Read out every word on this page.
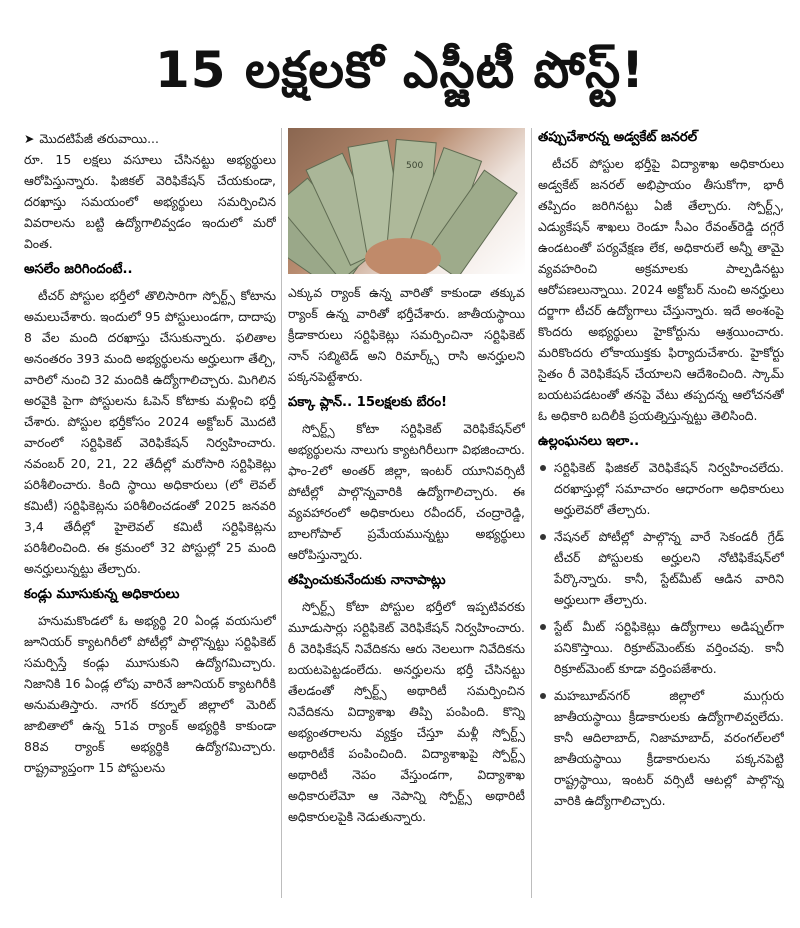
15 లక్షలకో ఎస్జీటీ పోస్ట్!

➤ మొదటిపేజీ తరువాయి...

రూ. 15 లక్షలు వసూలు చేసినట్టు అభ్యర్థులు ఆరోపిస్తున్నారు. ఫిజికల్ వెరిఫికేషన్ చేయకుండా, దరఖాస్తు సమయంలో అభ్యర్థులు సమర్పించిన వివరాలను బట్టి ఉద్యోగాలివ్వడం ఇందులో మరో వింత.

అసలేం జరిగిందంటే..

టీచర్ పోస్టుల భర్తీలో తొలిసారిగా స్పోర్ట్స్ కోటాను అమలుచేశారు. ఇందులో 95 పోస్టులుండగా, దాదాపు 8 వేల మంది దరఖాస్తు చేసుకున్నారు. ఫలితాల అనంతరం 393 మంది అభ్యర్థులను అర్హులుగా తేల్చి, వారిలో నుంచి 32 మందికి ఉద్యోగాలిచ్చారు. మిగిలిన అరవైకి పైగా పోస్టులను ఓపెన్ కోటాకు మళ్లించి భర్తీ చేశారు. పోస్టుల భర్తీకోసం 2024 అక్టోబర్ మొదటి వారంలో సర్టిఫికెట్ వెరిఫికేషన్ నిర్వహించారు. నవంబర్ 20, 21, 22 తేదీల్లో మరోసారి సర్టిఫికెట్లు పరిశీలించారు. కింది స్థాయి అధికారులు (లో లెవల్ కమిటీ) సర్టిఫికెట్లను పరిశీలించడంతో 2025 జనవరి 3,4 తేదీల్లో హైలెవల్ కమిటీ సర్టిఫికెట్లను పరిశీలించింది. ఈ క్రమంలో 32 పోస్టుల్లో 25 మంది అనర్హులున్నట్టు తేల్చారు.

కండ్లు మూసుకున్న అధికారులు

హనుమకొండలో ఓ అభ్యర్థి 20 ఏండ్ల వయసులో జూనియర్ క్యాటగిరీలో పోటీల్లో పాల్గొన్నట్టు సర్టిఫికెట్ సమర్పిస్తే కండ్లు మూసుకుని ఉద్యోగమిచ్చారు. నిజానికి 16 ఏండ్ల లోపు వారినే జూనియర్ క్యాటగిరీకి అనుమతిస్తారు. నాగర్ కర్నూల్ జిల్లాలో మెరిట్ జాబితాలో ఉన్న 51వ ర్యాంక్ అభ్యర్థికి కాకుండా 88వ ర్యాంక్ అభ్యర్థికి ఉద్యోగమిచ్చారు. రాష్ట్రవ్యాప్తంగా 15 పోస్టులను

500

ఎక్కువ ర్యాంక్ ఉన్న వారితో కాకుండా తక్కువ ర్యాంక్ ఉన్న వారితో భర్తీచేశారు. జాతీయస్థాయి క్రీడాకారులు సర్టిఫికెట్లు సమర్పించినా సర్టిఫికెట్ నాన్ సబ్మిటెడ్ అని రిమార్క్స్ రాసి అనర్హులని పక్కనపెట్టేశారు.

పక్కా ప్లాన్.. 15లక్షలకు బేరం!

స్పోర్ట్స్ కోటా సర్టిఫికెట్ వెరిఫికేషన్‌లో అభ్యర్థులను నాలుగు క్యాటగిరీలుగా విభజించారు. ఫాం-2లో అంతర్ జిల్లా, ఇంటర్ యూనివర్సిటీ పోటీల్లో పాల్గొన్నవారికి ఉద్యోగాలిచ్చారు. ఈ వ్యవహారంలో అధికారులు రవీందర్, చంద్రారెడ్డి, బాలగోపాల్ ప్రమేయమున్నట్టు అభ్యర్థులు ఆరోపిస్తున్నారు.

తప్పించుకునేందుకు నానాపాట్లు

స్పోర్ట్స్ కోటా పోస్టుల భర్తీలో ఇప్పటివరకు మూడుసార్లు సర్టిఫికెట్ వెరిఫికేషన్ నిర్వహించారు. రీ వెరిఫికేషన్ నివేదికను ఆరు నెలలుగా నివేదికను బయటపెట్టడంలేదు. అనర్హులను భర్తీ చేసినట్టు తేలడంతో స్పోర్ట్స్ అథారిటీ సమర్పించిన నివేదికను విద్యాశాఖ తిప్పి పంపింది. కొన్ని అభ్యంతరాలను వ్యక్తం చేస్తూ మళ్లీ స్పోర్ట్స్ అథారిటీకే పంపించింది. విద్యాశాఖపై స్పోర్ట్స్ అథారిటీ నెపం వేస్తుండగా, విద్యాశాఖ అధికారులేమో ఆ నెపాన్ని స్పోర్ట్స్ అథారిటీ అధికారులపైకి నెడుతున్నారు.

తప్పుచేశారన్న అడ్వకేట్ జనరల్

టీచర్ పోస్టుల భర్తీపై విద్యాశాఖ అధికారులు అడ్వకేట్ జనరల్ అభిప్రాయం తీసుకోగా, భారీ తప్పిదం జరిగినట్టు ఏజీ తేల్చారు. స్పోర్ట్స్, ఎడ్యుకేషన్ శాఖలు రెండూ సీఎం రేవంత్‌రెడ్డి దగ్గరే ఉండటంతో పర్యవేక్షణ లేక, అధికారులే అన్నీ తామై వ్యవహరించి అక్రమాలకు పాల్పడినట్టు ఆరోపణలున్నాయి. 2024 అక్టోబర్ నుంచి అనర్హులు దర్జాగా టీచర్ ఉద్యోగాలు చేస్తున్నారు. ఇదే అంశంపై కొందరు అభ్యర్థులు హైకోర్టును ఆశ్రయించారు. మరికొందరు లోకాయుక్తకు ఫిర్యాదుచేశారు. హైకోర్టు సైతం రీ వెరిఫికేషన్ చేయాలని ఆదేశించింది. స్కామ్ బయటపడటంతో తనపై వేటు తప్పదన్న ఆలోచనతో ఓ అధికారి బదిలీకి ప్రయత్నిస్తున్నట్టు తెలిసింది.

ఉల్లంఘనలు ఇలా..
సర్టిఫికెట్ ఫిజికల్ వెరిఫికేషన్ నిర్వహించలేదు. దరఖాస్తుల్లో సమాచారం ఆధారంగా అధికారులు అర్హులెవరో తేల్చారు.
నేషనల్ పోటీల్లో పాల్గొన్న వారే సెకండరీ గ్రేడ్ టీచర్ పోస్టులకు అర్హులని నోటిఫికేషన్‌లో పేర్కొన్నారు. కానీ, స్టేట్‌మీట్ ఆడిన వారిని అర్హులుగా తేల్చారు.
స్టేట్ మీట్ సర్టిఫికెట్లు ఉద్యోగాలు అడిష్నల్‌గా పనికొస్తాయి. రిక్రూట్‌మెంట్‌కు వర్తించవు. కానీ రిక్రూట్‌మెంట్ కూడా వర్తింపజేశారు.
మహబూబ్‌నగర్ జిల్లాలో ముగ్గురు జాతీయస్థాయి క్రీడాకారులకు ఉద్యోగాలివ్వలేదు. కానీ ఆదిలాబాద్, నిజామాబాద్, వరంగల్‌లలో జాతీయస్థాయి క్రీడాకారులను పక్కనపెట్టి రాష్ట్రస్థాయి, ఇంటర్ వర్సిటీ ఆటల్లో పాల్గొన్న వారికి ఉద్యోగాలిచ్చారు.
